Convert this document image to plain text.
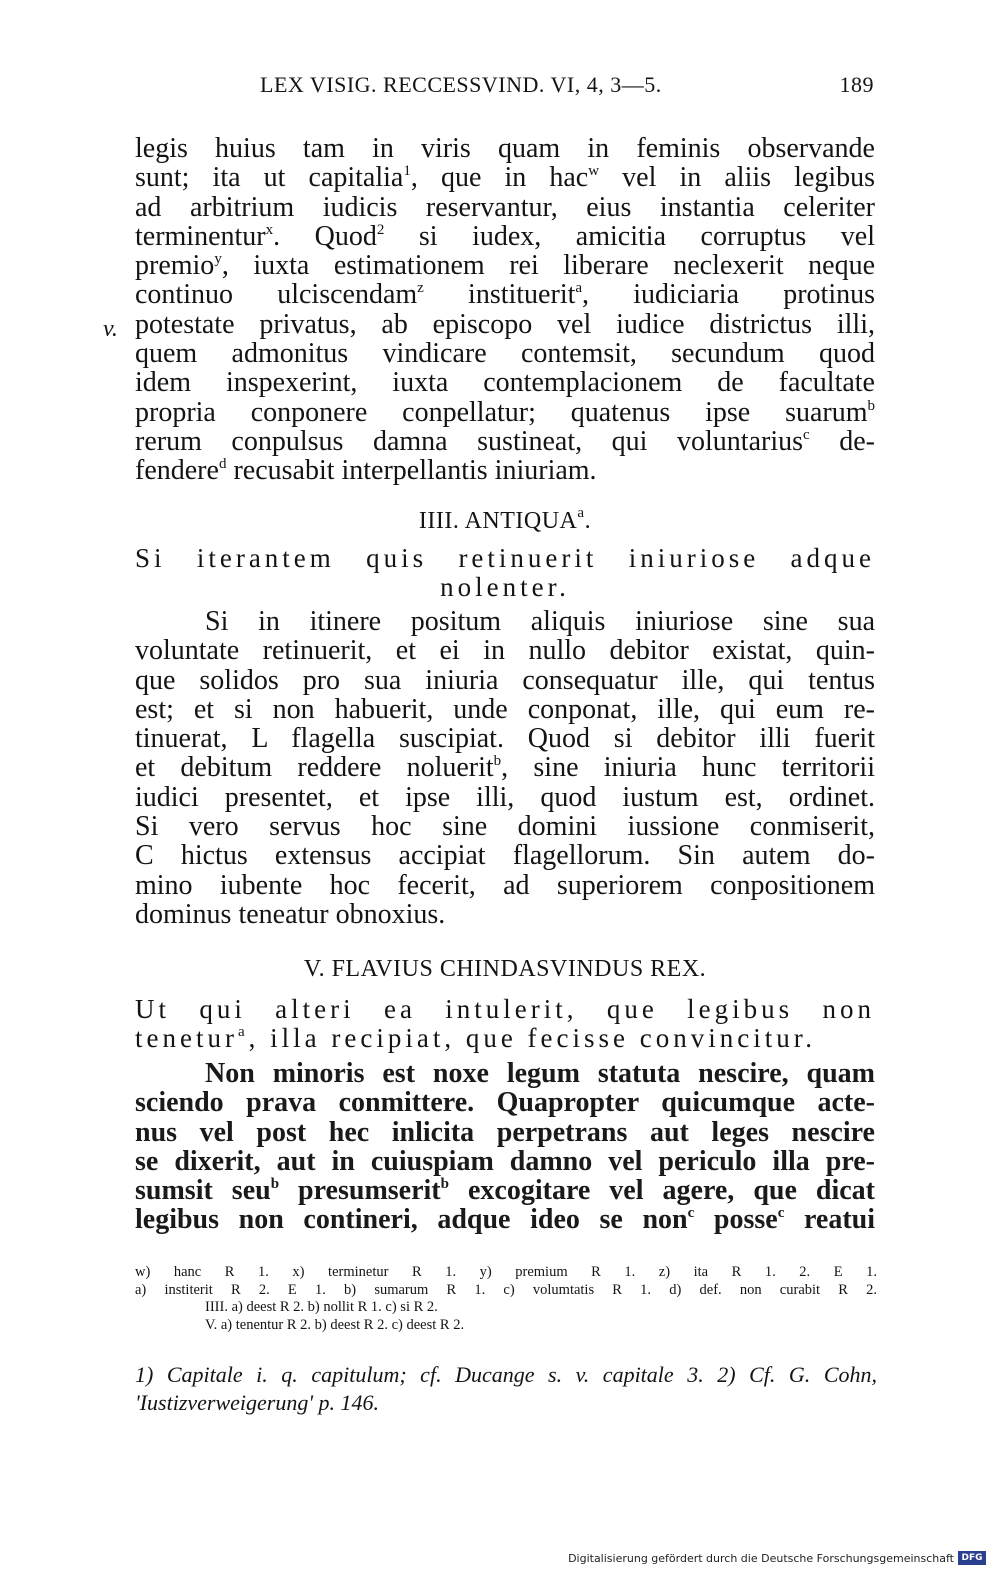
LEX VISIG. RECCESSVIND. VI, 4, 3—5.	189
v.
legis huius tam in viris quam in feminis observande
sunt; ita ut capitalia$^1$, que in hac$^w$ vel in aliis legibus
ad arbitrium iudicis reservantur, eius instantia celeriter
terminentur$^x$. Quod$^2$ si iudex, amicitia corruptus vel
premio$^y$, iuxta estimationem rei liberare neclexerit neque
continuo ulciscendam$^z$ instituerit$^a$, iudiciaria protinus
potestate privatus, ab episcopo vel iudice districtus illi,
quem admonitus vindicare contemsit, secundum quod
idem inspexerint, iuxta contemplacionem de facultate
propria conponere conpellatur; quatenus ipse suarum$^b$
rerum conpulsus damna sustineat, qui voluntarius$^c$ de-
fendere$^d$ recusabit interpellantis iniuriam.
IIII. ANTIQUA$^a$.
Si iterantem quis retinuerit iniuriose adque
nolenter.
Si in itinere positum aliquis iniuriose sine sua
voluntate retinuerit, et ei in nullo debitor existat, quin-
que solidos pro sua iniuria consequatur ille, qui tentus
est; et si non habuerit, unde conponat, ille, qui eum re-
tinuerat, L flagella suscipiat. Quod si debitor illi fuerit
et debitum reddere noluerit$^b$, sine iniuria hunc territorii
iudici presentet, et ipse illi, quod iustum est, ordinet.
Si vero servus hoc sine domini iussione conmiserit,
C hictus extensus accipiat flagellorum. Sin autem do-
mino iubente hoc fecerit, ad superiorem conpositionem
dominus teneatur obnoxius.
V. FLAVIUS CHINDASVINDUS REX.
Ut qui alteri ea intulerit, que legibus non
tenetur$^a$, illa recipiat, que fecisse convincitur.
Non minoris est noxe legum statuta nescire, quam
sciendo prava conmittere. Quapropter quicumque acte-
nus vel post hec inlicita perpetrans aut leges nescire
se dixerit, aut in cuiuspiam damno vel periculo illa pre-
sumsit seu$^b$ presumserit$^b$ excogitare vel agere, que dicat
legibus non contineri, adque ideo se non$^c$ posse$^c$ reatui
w) hanc R 1. x) terminetur R 1. y) premium R 1. z) ita R 1. 2. E 1.
a) institerit R 2. E 1. b) sumarum R 1. c) volumtatis R 1. d) def. non curabit R 2.
IIII. a) deest R 2. b) nollit R 1. c) si R 2.
V. a) tenentur R 2. b) deest R 2. c) deest R 2.
1) Capitale i. q. capitulum; cf. Ducange s. v. capitale 3. 2) Cf. G. Cohn,
'Iustizverweigerung' p. 146.
Digitalisierung gefördert durch die Deutsche Forschungsgemeinschaft DFG
